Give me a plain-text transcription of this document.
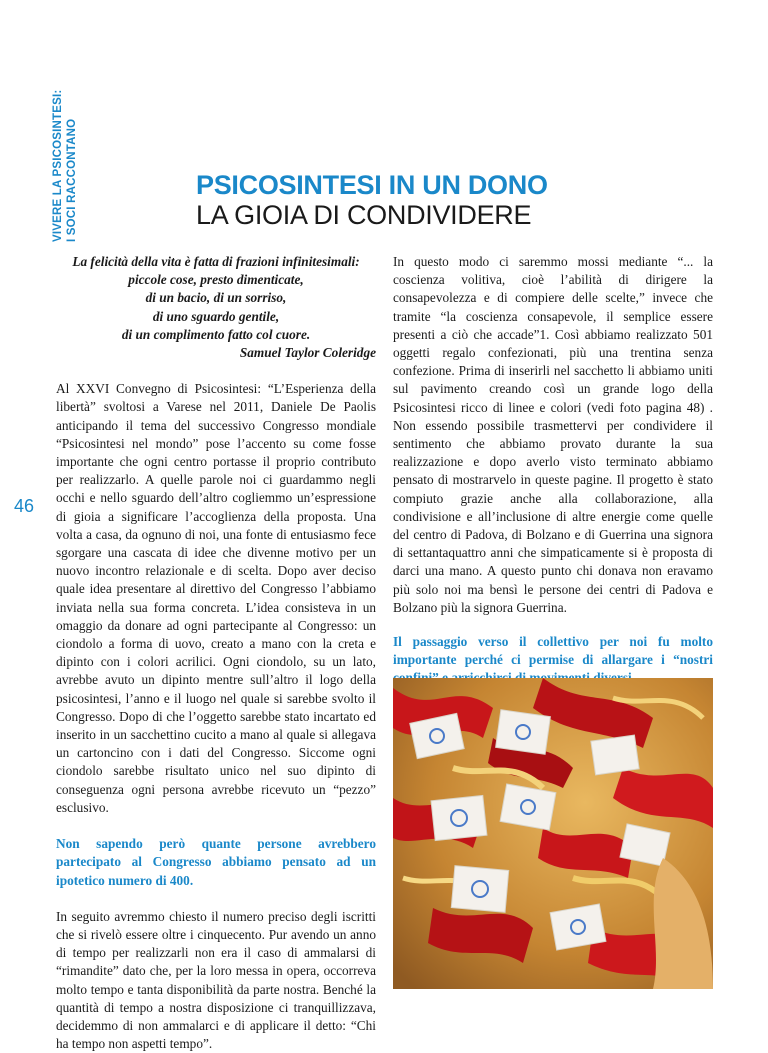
VIVERE LA PSICOSINTESI: I SOCI RACCONTANO
46
PSICOSINTESI IN UN DONO
LA GIOIA DI CONDIVIDERE
La felicità della vita è fatta di frazioni infinitesimali:
piccole cose, presto dimenticate,
di un bacio, di un sorriso,
di uno sguardo gentile,
di un complimento fatto col cuore.
Samuel Taylor Coleridge

Al XXVI Convegno di Psicosintesi: “L’Esperienza della libertà” svoltosi a Varese nel 2011, Daniele De Paolis anticipando il tema del successivo Congresso mondiale “Psicosintesi nel mondo” pose l’accento su come fosse importante che ogni centro portasse il proprio contributo per realizzarlo. A quelle parole noi ci guardammo negli occhi e nello sguardo dell’altro cogliemmo un’espressione di gioia a significare l’accoglienza della proposta. Una volta a casa, da ognuno di noi, una fonte di entusiasmo fece sgorgare una cascata di idee che divenne motivo per un nuovo incontro relazionale e di scelta. Dopo aver deciso quale idea presentare al direttivo del Congresso l’abbiamo inviata nella sua forma concreta. L’idea consisteva in un omaggio da donare ad ogni partecipante al Congresso: un ciondolo a forma di uovo, creato a mano con la creta e dipinto con i colori acrilici. Ogni ciondolo, su un lato, avrebbe avuto un dipinto mentre sull’altro il logo della psicosintesi, l’anno e il luogo nel quale si sarebbe svolto il Congresso. Dopo di che l’oggetto sarebbe stato incartato ed inserito in un sacchettino cucito a mano al quale si allegava un cartoncino con i dati del Congresso. Siccome ogni ciondolo sarebbe risultato unico nel suo dipinto di conseguenza ogni persona avrebbe ricevuto un “pezzo” esclusivo.

Non sapendo però quante persone avrebbero partecipato al Congresso abbiamo pensato ad un ipotetico numero di 400.

In seguito avremmo chiesto il numero preciso degli iscritti che si rivelò essere oltre i cinquecento. Pur avendo un anno di tempo per realizzarli non era il caso di ammalarsi di “rimandite” dato che, per la loro messa in opera, occorreva molto tempo e tanta disponibilità da parte nostra. Benché la quantità di tempo a nostra disposizione ci tranquillizzava, decidemmo di non ammalarci e di applicare il detto: “Chi ha tempo non aspetti tempo”.

In questo modo ci saremmo mossi mediante “... la coscienza volitiva, cioè l’abilità di dirigere la consapevolezza e di compiere delle scelte,” invece che tramite “la coscienza consapevole, il semplice essere presenti a ciò che accade”1. Così abbiamo realizzato 501 oggetti regalo confezionati, più una trentina senza confezione. Prima di inserirli nel sacchetto li abbiamo uniti sul pavimento creando così un grande logo della Psicosintesi ricco di linee e colori (vedi foto pagina 48) . Non essendo possibile trasmettervi per condividere il sentimento che abbiamo provato durante la sua realizzazione e dopo averlo visto terminato abbiamo pensato di mostrarvelo in queste pagine. Il progetto è stato compiuto grazie anche alla collaborazione, alla condivisione e all’inclusione di altre energie come quelle del centro di Padova, di Bolzano e di Guerrina una signora di settantaquattro anni che simpaticamente si è proposta di darci una mano. A questo punto chi donava non eravamo più solo noi ma bensì le persone dei centri di Padova e Bolzano più la signora Guerrina.

Il passaggio verso il collettivo per noi fu molto importante perché ci permise di allargare i “nostri
